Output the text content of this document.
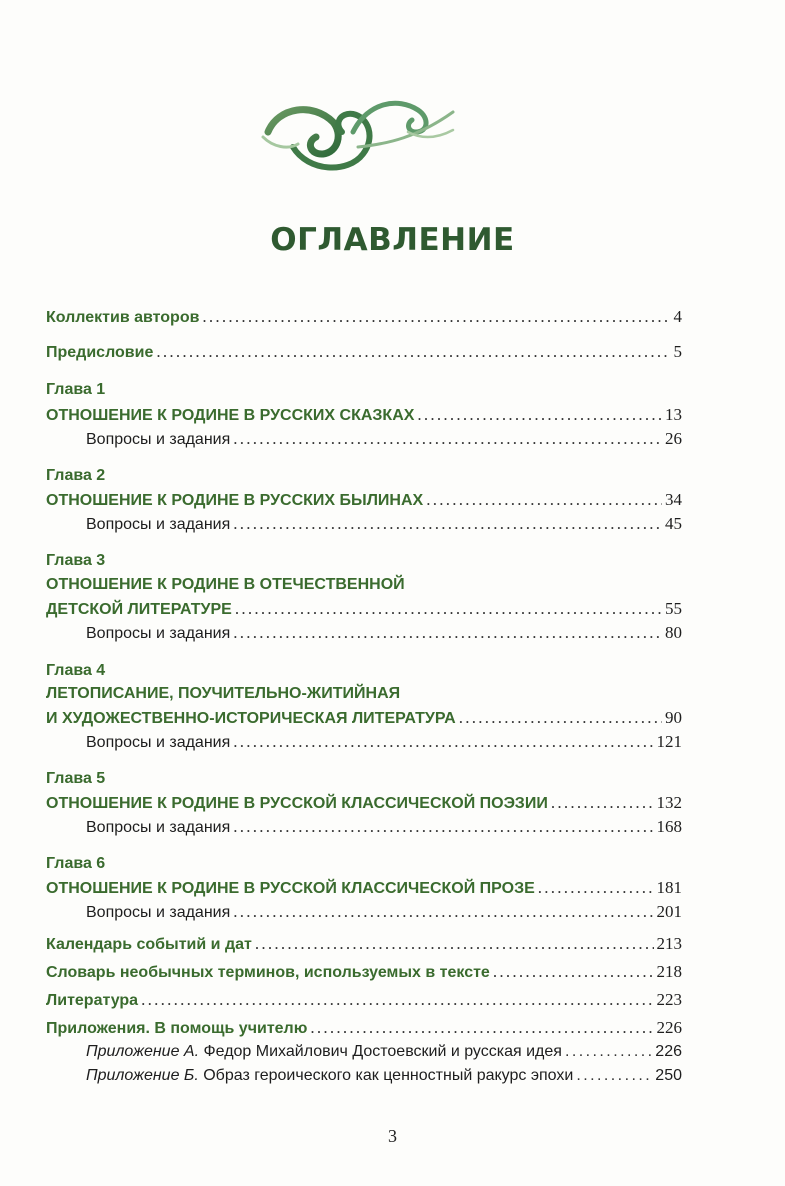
ОГЛАВЛЕНИЕ
Коллектив авторов . . .	4
Предисловие . . .	5
Глава 1
ОТНОШЕНИЕ К РОДИНЕ В РУССКИХ СКАЗКАХ . . .	13
Вопросы и задания . . .	26
Глава 2
ОТНОШЕНИЕ К РОДИНЕ В РУССКИХ БЫЛИНАХ . . .	34
Вопросы и задания . . .	45
Глава 3
ОТНОШЕНИЕ К РОДИНЕ В ОТЕЧЕСТВЕННОЙ
ДЕТСКОЙ ЛИТЕРАТУРЕ . . .	55
Вопросы и задания . . .	80
Глава 4
ЛЕТОПИСАНИЕ, ПОУЧИТЕЛЬНО-ЖИТИЙНАЯ
И ХУДОЖЕСТВЕННО-ИСТОРИЧЕСКАЯ ЛИТЕРАТУРА . . .	90
Вопросы и задания . . .	121
Глава 5
ОТНОШЕНИЕ К РОДИНЕ В РУССКОЙ КЛАССИЧЕСКОЙ ПОЭЗИИ . . .	132
Вопросы и задания . . .	168
Глава 6
ОТНОШЕНИЕ К РОДИНЕ В РУССКОЙ КЛАССИЧЕСКОЙ ПРОЗЕ . . .	181
Вопросы и задания . . .	201
Календарь событий и дат . . .	213
Словарь необычных терминов, используемых в тексте . . .	218
Литература . . .	223
Приложения. В помощь учителю . . .	226
Приложение А. Федор Михайлович Достоевский и русская идея . . .	226
Приложение Б. Образ героического как ценностный ракурс эпохи . . .	250
3
